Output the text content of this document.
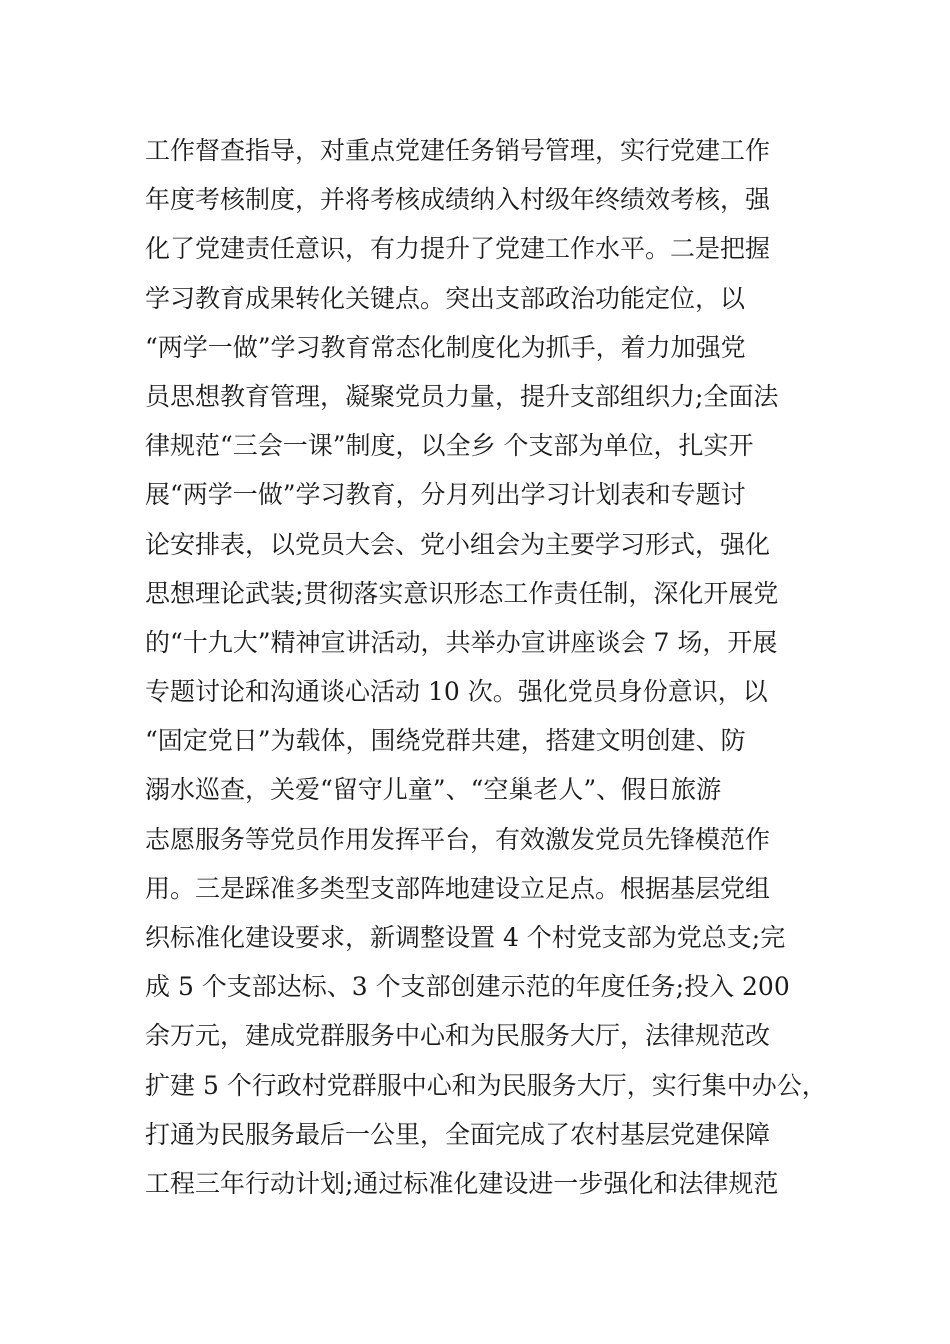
工作督查指导，对重点党建任务销号管理，实行党建工作
年度考核制度，并将考核成绩纳入村级年终绩效考核，强
化了党建责任意识，有力提升了党建工作水平。二是把握
学习教育成果转化关键点。突出支部政治功能定位，以
“两学一做”学习教育常态化制度化为抓手，着力加强党
员思想教育管理，凝聚党员力量，提升支部组织力;全面法
律规范“三会一课”制度，以全乡 个支部为单位，扎实开
展“两学一做”学习教育，分月列出学习计划表和专题讨
论安排表，以党员大会、党小组会为主要学习形式，强化
思想理论武装;贯彻落实意识形态工作责任制，深化开展党
的“十九大”精神宣讲活动，共举办宣讲座谈会 7 场，开展
专题讨论和沟通谈心活动 10 次。强化党员身份意识，以
“固定党日”为载体，围绕党群共建，搭建文明创建、防
溺水巡查，关爱“留守儿童”、“空巢老人”、假日旅游
志愿服务等党员作用发挥平台，有效激发党员先锋模范作
用。三是踩准多类型支部阵地建设立足点。根据基层党组
织标准化建设要求，新调整设置 4 个村党支部为党总支;完
成 5 个支部达标、3 个支部创建示范的年度任务;投入 200
余万元，建成党群服务中心和为民服务大厅，法律规范改
扩建 5 个行政村党群服中心和为民服务大厅，实行集中办公，
打通为民服务最后一公里，全面完成了农村基层党建保障
工程三年行动计划;通过标准化建设进一步强化和法律规范
